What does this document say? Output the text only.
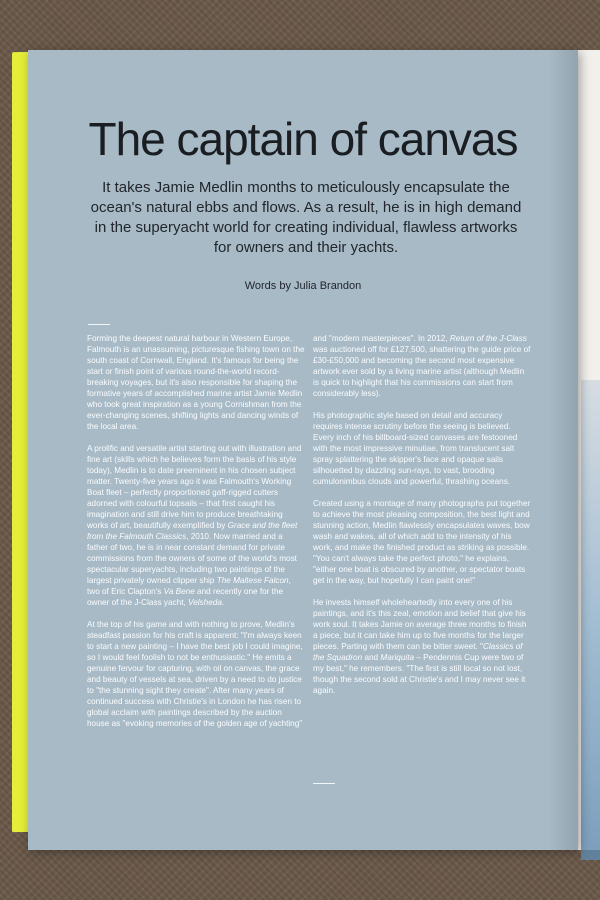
The captain of canvas

It takes Jamie Medlin months to meticulously encapsulate the ocean's natural ebbs and flows. As a result, he is in high demand in the superyacht world for creating individual, flawless artworks for owners and their yachts.

Words by Julia Brandon

Forming the deepest natural harbour in Western Europe, Falmouth is an unassuming, picturesque fishing town on the south coast of Cornwall, England. It's famous for being the start or finish point of various round-the-world record-breaking voyages, but it's also responsible for shaping the formative years of accomplished marine artist Jamie Medlin who took great inspiration as a young Cornishman from the ever-changing scenes, shifting lights and dancing winds of the local area.

A prolific and versatile artist starting out with illustration and fine art (skills which he believes form the basis of his style today), Medlin is to date preeminent in his chosen subject matter. Twenty-five years ago it was Falmouth's Working Boat fleet – perfectly proportioned gaff-rigged cutters adorned with colourful topsails – that first caught his imagination and still drive him to produce breathtaking works of art, beautifully exemplified by Grace and the fleet from the Falmouth Classics, 2010. Now married and a father of two, he is in near constant demand for private commissions from the owners of some of the world's most spectacular superyachts, including two paintings of the largest privately owned clipper ship The Maltese Falcon, two of Eric Clapton's Va Bene and recently one for the owner of the J-Class yacht, Velsheda.

At the top of his game and with nothing to prove, Medlin's steadfast passion for his craft is apparent: "I'm always keen to start a new painting – I have the best job I could imagine, so I would feel foolish to not be enthusiastic." He emits a genuine fervour for capturing, with oil on canvas, the grace and beauty of vessels at sea, driven by a need to do justice to "the stunning sight they create". After many years of continued success with Christie's in London he has risen to global acclaim with paintings described by the auction house as "evoking memories of the golden age of yachting"

and "modern masterpieces". In 2012, Return of the J-Class was auctioned off for £127,500, shattering the guide price of £30-£50,000 and becoming the second most expensive artwork ever sold by a living marine artist (although Medlin is quick to highlight that his commissions can start from considerably less).

His photographic style based on detail and accuracy requires intense scrutiny before the seeing is believed. Every inch of his billboard-sized canvases are festooned with the most impressive minutiae, from translucent salt spray splattering the skipper's face and opaque sails silhouetted by dazzling sun-rays, to vast, brooding cumulonimbus clouds and powerful, thrashing oceans.

Created using a montage of many photographs put together to achieve the most pleasing composition, the best light and stunning action, Medlin flawlessly encapsulates waves, bow wash and wakes, all of which add to the intensity of his work, and make the finished product as striking as possible. "You can't always take the perfect photo," he explains, "either one boat is obscured by another, or spectator boats get in the way, but hopefully I can paint one!"

He invests himself wholeheartedly into every one of his paintings, and it's this zeal, emotion and belief that give his work soul. It takes Jamie on average three months to finish a piece, but it can take him up to five months for the larger pieces. Parting with them can be bitter sweet. "Classics of the Squadron and Mariquita – Pendennis Cup were two of my best," he remembers. "The first is still local so not lost, though the second sold at Christie's and I may never see it again.
